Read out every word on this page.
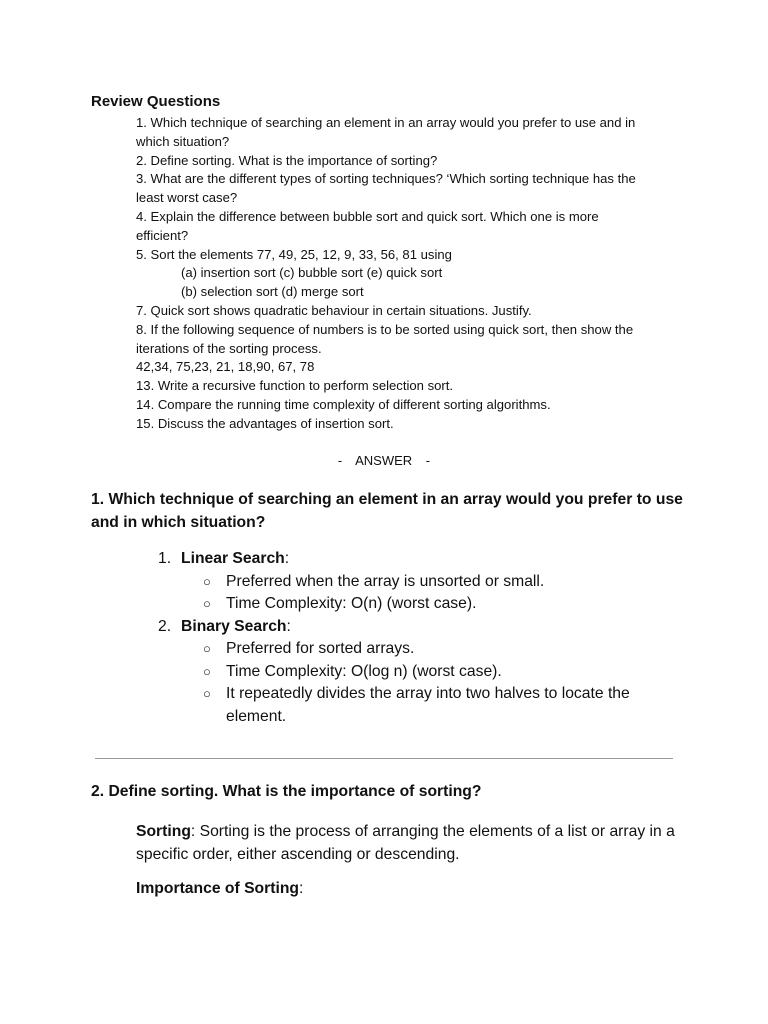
Review Questions
1. Which technique of searching an element in an array would you prefer to use and in
which situation?
2. Define sorting. What is the importance of sorting?
3. What are the different types of sorting techniques? ‘Which sorting technique has the
least worst case?
4. Explain the difference between bubble sort and quick sort. Which one is more
efficient?
5. Sort the elements 77, 49, 25, 12, 9, 33, 56, 81 using
(a) insertion sort (c) bubble sort (e) quick sort
(b) selection sort (d) merge sort
7. Quick sort shows quadratic behaviour in certain situations. Justify.
8. If the following sequence of numbers is to be sorted using quick sort, then show the
iterations of the sorting process.
42,34, 75,23, 21, 18,90, 67, 78
13. Write a recursive function to perform selection sort.
14. Compare the running time complexity of different sorting algorithms.
15. Discuss the advantages of insertion sort.
- ANSWER -
1. Which technique of searching an element in an array would you prefer to use and in which situation?
1. Linear Search:
○ Preferred when the array is unsorted or small.
○ Time Complexity: O(n) (worst case).
2. Binary Search:
○ Preferred for sorted arrays.
○ Time Complexity: O(log n) (worst case).
○ It repeatedly divides the array into two halves to locate the element.
2. Define sorting. What is the importance of sorting?
Sorting: Sorting is the process of arranging the elements of a list or array in a specific order, either ascending or descending.
Importance of Sorting:
